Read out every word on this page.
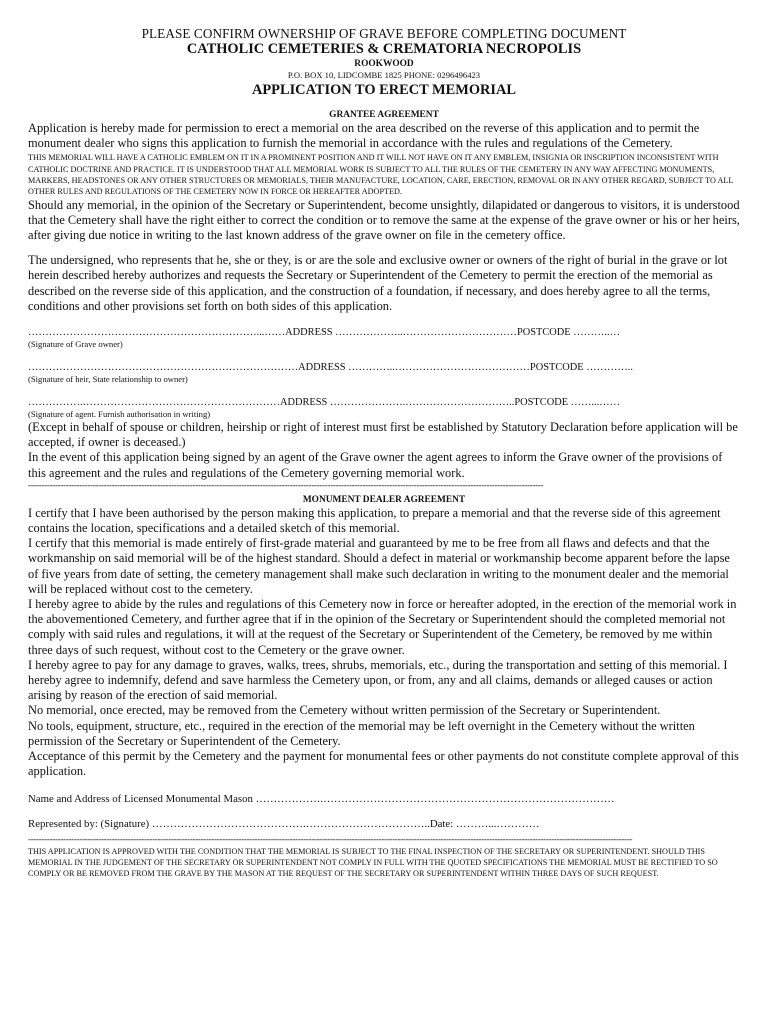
PLEASE CONFIRM OWNERSHIP OF GRAVE BEFORE COMPLETING DOCUMENT
CATHOLIC CEMETERIES & CREMATORIA NECROPOLIS
ROOKWOOD
P.O. BOX 10, LIDCOMBE 1825 PHONE: 0296496423
APPLICATION TO ERECT MEMORIAL
GRANTEE AGREEMENT

Application is hereby made for permission to erect a memorial on the area described on the reverse of this application and to permit the monument dealer who signs this application to furnish the memorial in accordance with the rules and regulations of the Cemetery.

THIS MEMORIAL WILL HAVE A CATHOLIC EMBLEM ON IT IN A PROMINENT POSITION AND IT WILL NOT HAVE ON IT ANY EMBLEM, INSIGNIA OR INSCRIPTION INCONSISTENT WITH CATHOLIC DOCTRINE AND PRACTICE. IT IS UNDERSTOOD THAT ALL MEMORIAL WORK IS SUBJECT TO ALL THE RULES OF THE CEMETERY IN ANY WAY AFFECTING MONUMENTS, MARKERS, HEADSTONES OR ANY OTHER STRUCTURES OR MEMORIALS, THEIR MANUFACTURE, LOCATION, CARE, ERECTION, REMOVAL OR IN ANY OTHER REGARD, SUBJECT TO ALL OTHER RULES AND REGULATIONS OF THE CEMETERY NOW IN FORCE OR HEREAFTER ADOPTED.

Should any memorial, in the opinion of the Secretary or Superintendent, become unsightly, dilapidated or dangerous to visitors, it is understood that the Cemetery shall have the right either to correct the condition or to remove the same at the expense of the grave owner or his or her heirs, after giving due notice in writing to the last known address of the grave owner on file in the cemetery office.

The undersigned, who represents that he, she or they, is or are the sole and exclusive owner or owners of the right of burial in the grave or lot herein described hereby authorizes and requests the Secretary or Superintendent of the Cemetery to permit the erection of the memorial as described on the reverse side of this application, and the construction of a foundation, if necessary, and does hereby agree to all the terms, conditions and other provisions set forth on both sides of this application.

…………………………………………………………...……ADDRESS ………………..……………………………POSTCODE ………..…
(Signature of Grave owner)
……………………………………………………………………ADDRESS …………..…………………………………POSTCODE …………..
(Signature of heir, State relationship to owner)
…………….…………………………………………………ADDRESS ………………….…………………………..POSTCODE ……...……
(Signature of agent. Furnish authorisation in writing)

(Except in behalf of spouse or children, heirship or right of interest must first be established by Statutory Declaration before application will be accepted, if owner is deceased.)

In the event of this application being signed by an agent of the Grave owner the agent agrees to inform the Grave owner of the provisions of this agreement and the rules and regulations of the Cemetery governing memorial work.

-----------------------------------------------------------------------------------------------------------------------------------------------------------------------------------------------
MONUMENT DEALER AGREEMENT

I certify that I have been authorised by the person making this application, to prepare a memorial and that the reverse side of this agreement contains the location, specifications and a detailed sketch of this memorial.

I certify that this memorial is made entirely of first-grade material and guaranteed by me to be free from all flaws and defects and that the workmanship on said memorial will be of the highest standard. Should a defect in material or workmanship become apparent before the lapse of five years from date of setting, the cemetery management shall make such declaration in writing to the monument dealer and the memorial will be replaced without cost to the cemetery.

I hereby agree to abide by the rules and regulations of this Cemetery now in force or hereafter adopted, in the erection of the memorial work in the abovementioned Cemetery, and further agree that if in the opinion of the Secretary or Superintendent should the completed memorial not comply with said rules and regulations, it will at the request of the Secretary or Superintendent of the Cemetery, be removed by me within three days of such request, without cost to the Cemetery or the grave owner.

I hereby agree to pay for any damage to graves, walks, trees, shrubs, memorials, etc., during the transportation and setting of this memorial. I hereby agree to indemnify, defend and save harmless the Cemetery upon, or from, any and all claims, demands or alleged causes or action arising by reason of the erection of said memorial.

No memorial, once erected, may be removed from the Cemetery without written permission of the Secretary or Superintendent.

No tools, equipment, structure, etc., required in the erection of the memorial may be left overnight in the Cemetery without the written permission of the Secretary or Superintendent of the Cemetery.

Acceptance of this permit by the Cemetery and the payment for monumental fees or other payments do not constitute complete approval of this application.

Name and Address of Licensed Monumental Mason ……………….………………………………………………………………………
Represented by: (Signature) …………………………………….……………………………..Date: ………...…………
--------------------------------------------------------------------------------------------------------------------------------------------------------------------------------------------------------------------------------
THIS APPLICATION IS APPROVED WITH THE CONDITION THAT THE MEMORIAL IS SUBJECT TO THE FINAL INSPECTION OF THE SECRETARY OR SUPERINTENDENT. SHOULD THIS MEMORIAL IN THE JUDGEMENT OF THE SECRETARY OR SUPERINTENDENT NOT COMPLY IN FULL WITH THE QUOTED SPECIFICATIONS THE MEMORIAL MUST BE RECTIFIED TO SO COMPLY OR BE REMOVED FROM THE GRAVE BY THE MASON AT THE REQUEST OF THE SECRETARY OR SUPERINTENDENT WITHIN THREE DAYS OF SUCH REQUEST.
